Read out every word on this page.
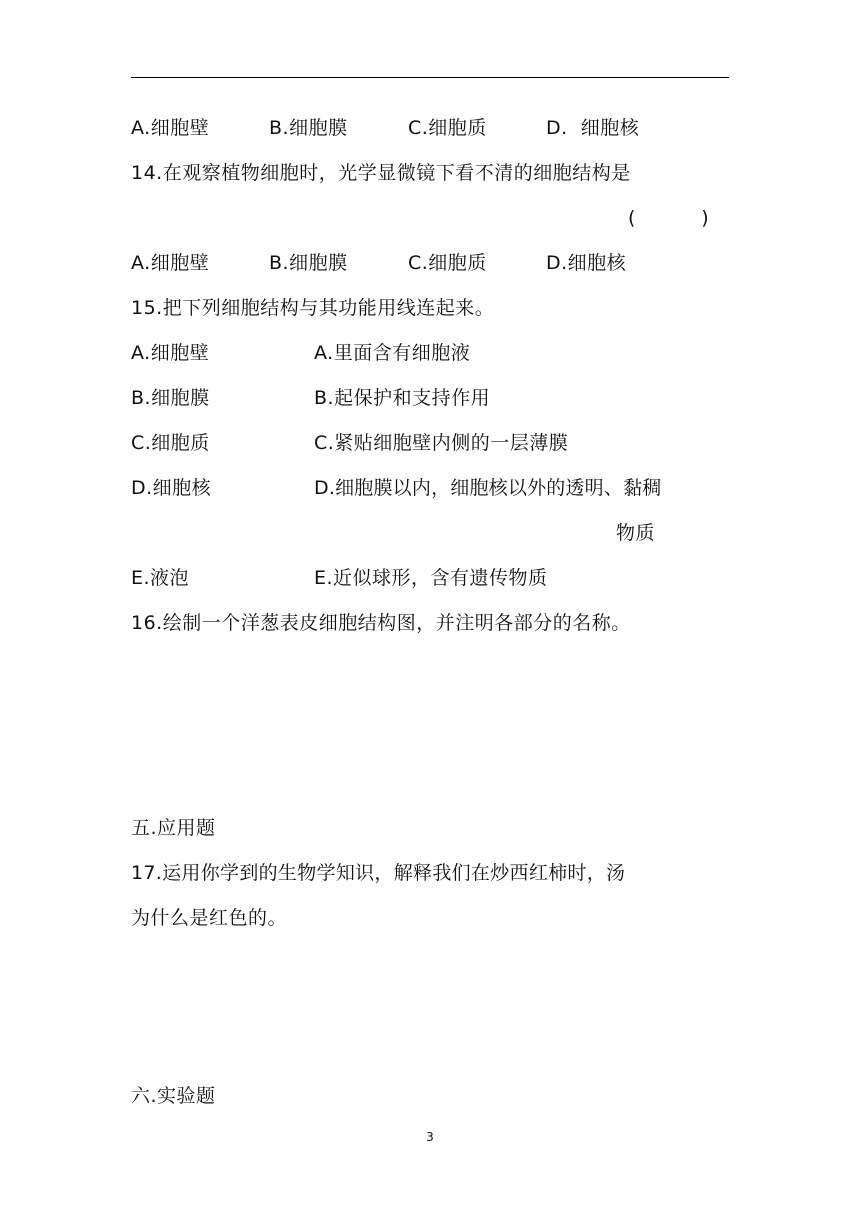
A.细胞壁	B.细胞膜	C.细胞质	D.  细胞核
14.在观察植物细胞时，光学显微镜下看不清的细胞结构是
(          )
A.细胞壁	B.细胞膜	C.细胞质	D.细胞核
15.把下列细胞结构与其功能用线连起来。
A.细胞壁	A.里面含有细胞液
B.细胞膜	B.起保护和支持作用
C.细胞质	C.紧贴细胞壁内侧的一层薄膜
D.细胞核	D.细胞膜以内，细胞核以外的透明、黏稠
物质
E.液泡	E.近似球形，含有遗传物质
16.绘制一个洋葱表皮细胞结构图，并注明各部分的名称。
五.应用题
17.运用你学到的生物学知识，解释我们在炒西红柿时，汤
为什么是红色的。
六.实验题
3
